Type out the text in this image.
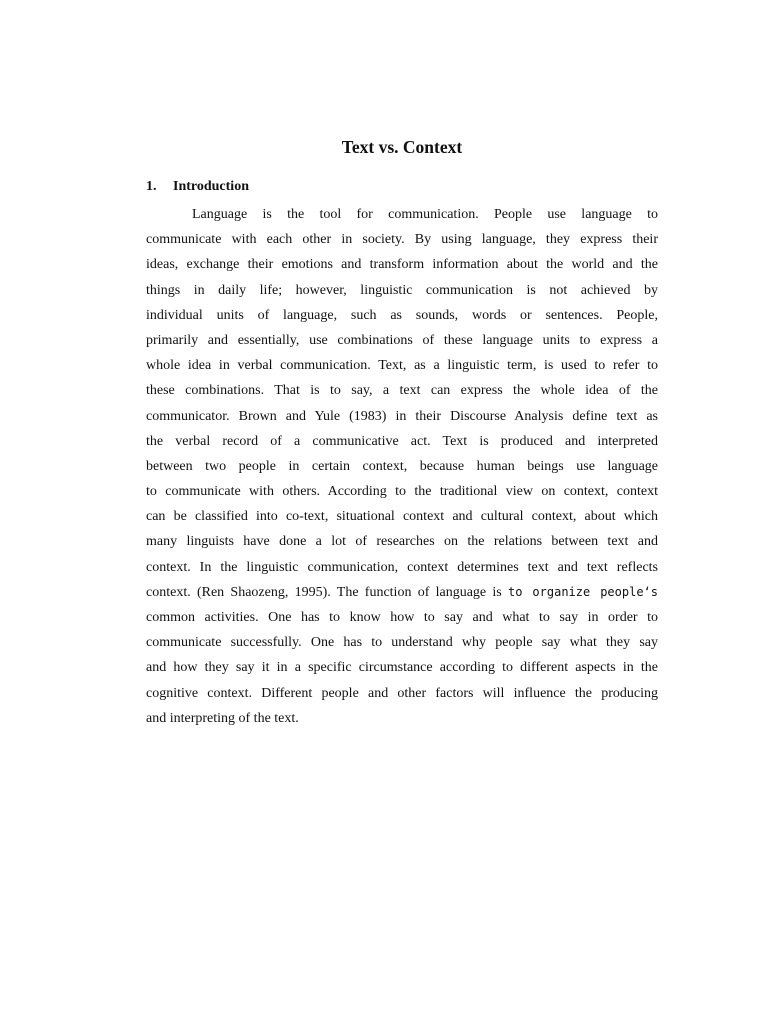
Text vs. Context
1. Introduction
Language is the tool for communication. People use language to
communicate with each other in society. By using language, they express their
ideas, exchange their emotions and transform information about the world and the
things in daily life; however, linguistic communication is not achieved by
individual units of language, such as sounds, words or sentences. People,
primarily and essentially, use combinations of these language units to express a
whole idea in verbal communication. Text, as a linguistic term, is used to refer to
these combinations. That is to say, a text can express the whole idea of the
communicator. Brown and Yule (1983) in their Discourse Analysis define text as
the verbal record of a communicative act. Text is produced and interpreted
between two people in certain context, because human beings use language
to communicate with others. According to the traditional view on context, context
can be classified into co-text, situational context and cultural context, about which
many linguists have done a lot of researches on the relations between text and
context. In the linguistic communication, context determines text and text reflects
context. (Ren Shaozeng, 1995). The function of language is to organize people‘s
common activities. One has to know how to say and what to say in order to
communicate successfully. One has to understand why people say what they say
and how they say it in a specific circumstance according to different aspects in the
cognitive context. Different people and other factors will influence the producing
and interpreting of the text.
